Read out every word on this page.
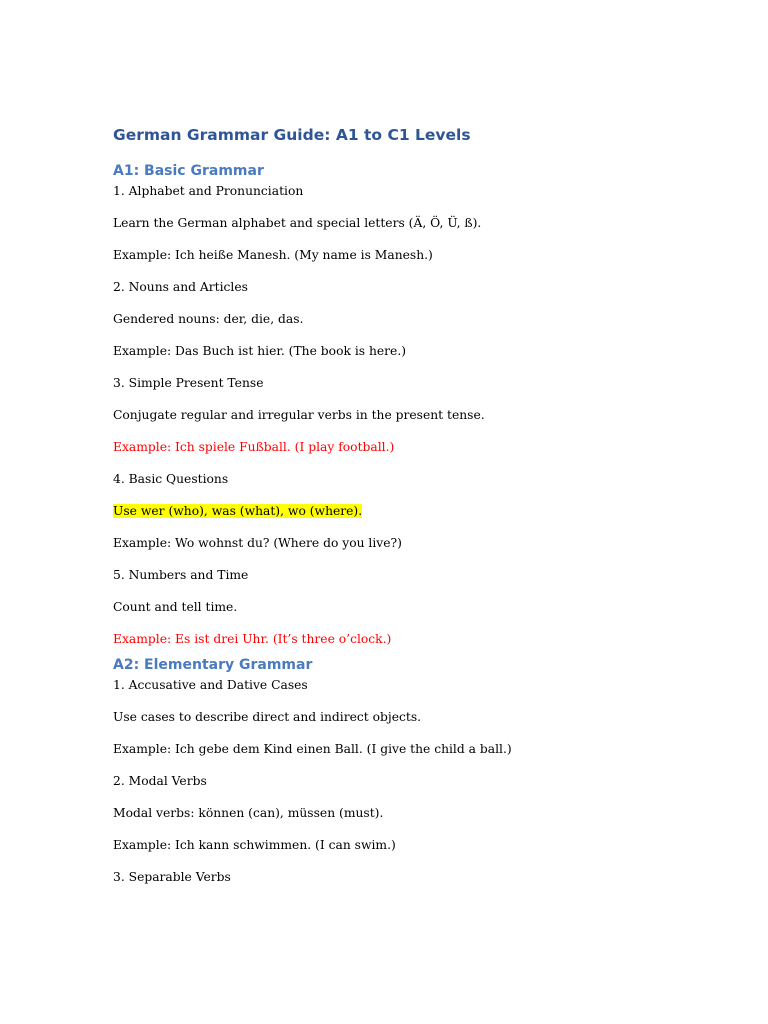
German Grammar Guide: A1 to C1 Levels
A1: Basic Grammar

1. Alphabet and Pronunciation

Learn the German alphabet and special letters (Ä, Ö, Ü, ß).

Example: Ich heiße Manesh. (My name is Manesh.)

2. Nouns and Articles

Gendered nouns: der, die, das.

Example: Das Buch ist hier. (The book is here.)

3. Simple Present Tense

Conjugate regular and irregular verbs in the present tense.

Example: Ich spiele Fußball. (I play football.)

4. Basic Questions

Use wer (who), was (what), wo (where).

Example: Wo wohnst du? (Where do you live?)

5. Numbers and Time

Count and tell time.

Example: Es ist drei Uhr. (It’s three o’clock.)

A2: Elementary Grammar

1. Accusative and Dative Cases

Use cases to describe direct and indirect objects.

Example: Ich gebe dem Kind einen Ball. (I give the child a ball.)

2. Modal Verbs

Modal verbs: können (can), müssen (must).

Example: Ich kann schwimmen. (I can swim.)

3. Separable Verbs
